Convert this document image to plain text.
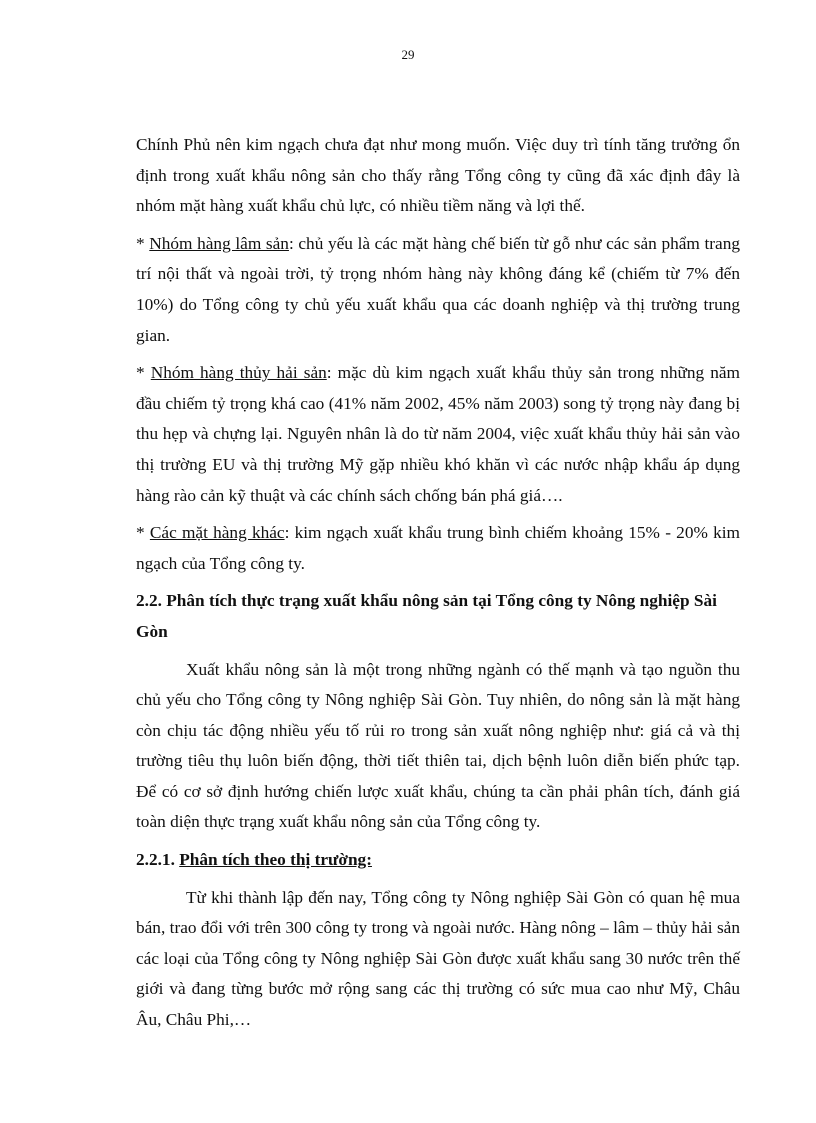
29

Chính Phủ nên kim ngạch chưa đạt như mong muốn. Việc duy trì tính tăng trưởng ổn định trong xuất khẩu nông sản cho thấy rằng Tổng công ty cũng đã xác định đây là nhóm mặt hàng xuất khẩu chủ lực, có nhiều tiềm năng và lợi thế.

* Nhóm hàng lâm sản: chủ yếu là các mặt hàng chế biến từ gỗ như các sản phẩm trang trí nội thất và ngoài trời, tỷ trọng nhóm hàng này không đáng kể (chiếm từ 7% đến 10%) do Tổng công ty chủ yếu xuất khẩu qua các doanh nghiệp và thị trường trung gian.

* Nhóm hàng thủy hải sản: mặc dù kim ngạch xuất khẩu thủy sản trong những năm đầu chiếm tỷ trọng khá cao (41% năm 2002, 45% năm 2003) song tỷ trọng này đang bị thu hẹp và chựng lại. Nguyên nhân là do từ năm 2004, việc xuất khẩu thủy hải sản vào thị trường EU và thị trường Mỹ gặp nhiều khó khăn vì các nước nhập khẩu áp dụng hàng rào cản kỹ thuật và các chính sách chống bán phá giá….

* Các mặt hàng khác: kim ngạch xuất khẩu trung bình chiếm khoảng 15% - 20% kim ngạch của Tổng công ty.

2.2. Phân tích thực trạng xuất khẩu nông sản tại Tổng công ty Nông nghiệp Sài Gòn

Xuất khẩu nông sản là một trong những ngành có thế mạnh và tạo nguồn thu chủ yếu cho Tổng công ty Nông nghiệp Sài Gòn. Tuy nhiên, do nông sản là mặt hàng còn chịu tác động nhiều yếu tố rủi ro trong sản xuất nông nghiệp như: giá cả và thị trường tiêu thụ luôn biến động, thời tiết thiên tai, dịch bệnh luôn diễn biến phức tạp. Để có cơ sở định hướng chiến lược xuất khẩu, chúng ta cần phải phân tích, đánh giá toàn diện thực trạng xuất khẩu nông sản của Tổng công ty.

2.2.1. Phân tích theo thị trường:

Từ khi thành lập đến nay, Tổng công ty Nông nghiệp Sài Gòn có quan hệ mua bán, trao đổi với trên 300 công ty trong và ngoài nước. Hàng nông – lâm – thủy hải sản các loại của Tổng công ty Nông nghiệp Sài Gòn được xuất khẩu sang 30 nước trên thế giới và đang từng bước mở rộng sang các thị trường có sức mua cao như Mỹ, Châu Âu, Châu Phi,…
